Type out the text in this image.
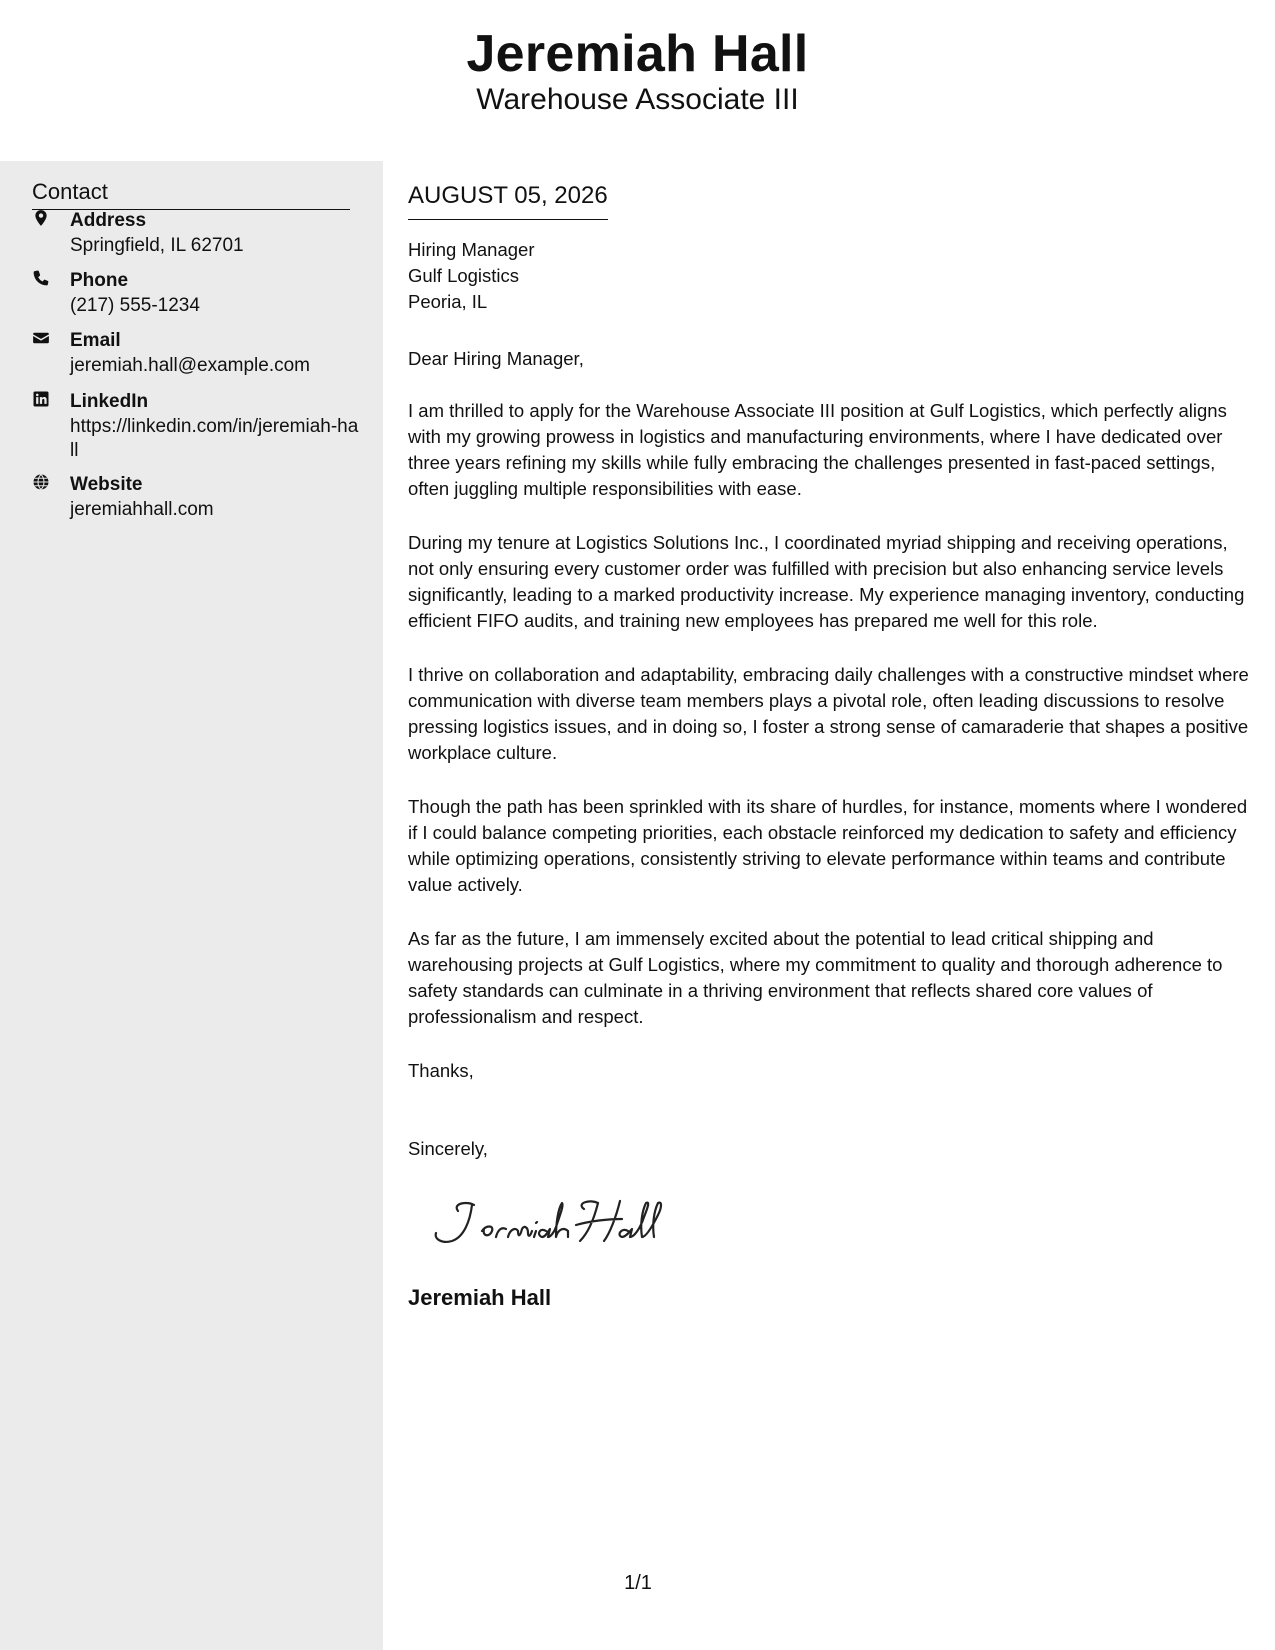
Jeremiah Hall
Warehouse Associate III
Contact
Address
Springfield, IL 62701
Phone
(217) 555-1234
Email
jeremiah.hall@example.com
LinkedIn
https://linkedin.com/in/jeremiah-hall
Website
jeremiahhall.com
AUGUST 05, 2026
Hiring Manager
Gulf Logistics
Peoria, IL
Dear Hiring Manager,
I am thrilled to apply for the Warehouse Associate III position at Gulf Logistics, which perfectly aligns with my growing prowess in logistics and manufacturing environments, where I have dedicated over three years refining my skills while fully embracing the challenges presented in fast-paced settings, often juggling multiple responsibilities with ease.
During my tenure at Logistics Solutions Inc., I coordinated myriad shipping and receiving operations, not only ensuring every customer order was fulfilled with precision but also enhancing service levels significantly, leading to a marked productivity increase. My experience managing inventory, conducting efficient FIFO audits, and training new employees has prepared me well for this role.
I thrive on collaboration and adaptability, embracing daily challenges with a constructive mindset where communication with diverse team members plays a pivotal role, often leading discussions to resolve pressing logistics issues, and in doing so, I foster a strong sense of camaraderie that shapes a positive workplace culture.
Though the path has been sprinkled with its share of hurdles, for instance, moments where I wondered if I could balance competing priorities, each obstacle reinforced my dedication to safety and efficiency while optimizing operations, consistently striving to elevate performance within teams and contribute value actively.
As far as the future, I am immensely excited about the potential to lead critical shipping and warehousing projects at Gulf Logistics, where my commitment to quality and thorough adherence to safety standards can culminate in a thriving environment that reflects shared core values of professionalism and respect.
Thanks,
Sincerely,
Jeremiah Hall
1/1
